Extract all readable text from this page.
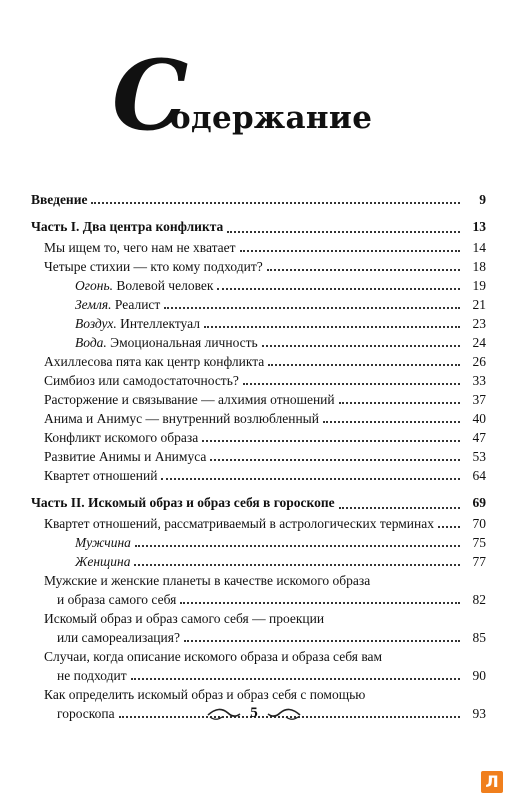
С
одержание
Введение	9
Часть I. Два центра конфликта	13
Мы ищем то, чего нам не хватает	14
Четыре стихии — кто кому подходит?	18
Огонь. Волевой человек	19
Земля. Реалист	21
Воздух. Интеллектуал	23
Вода. Эмоциональная личность	24
Ахиллесова пята как центр конфликта	26
Симбиоз или самодостаточность?	33
Расторжение и связывание — алхимия отношений	37
Анима и Анимус — внутренний возлюбленный	40
Конфликт искомого образа	47
Развитие Анимы и Анимуса	53
Квартет отношений	64
Часть II. Искомый образ и образ себя в гороскопе	69
Квартет отношений, рассматриваемый в астрологических терминах	70
Мужчина	75
Женщина	77
Мужские и женские планеты в качестве искомого образа
и образа самого себя	82
Искомый образ и образ самого себя — проекции
или самореализация?	85
Случаи, когда описание искомого образа и образа себя вам
не подходит	90
Как определить искомый образ и образ себя с помощью
гороскопа	93
5
Л
